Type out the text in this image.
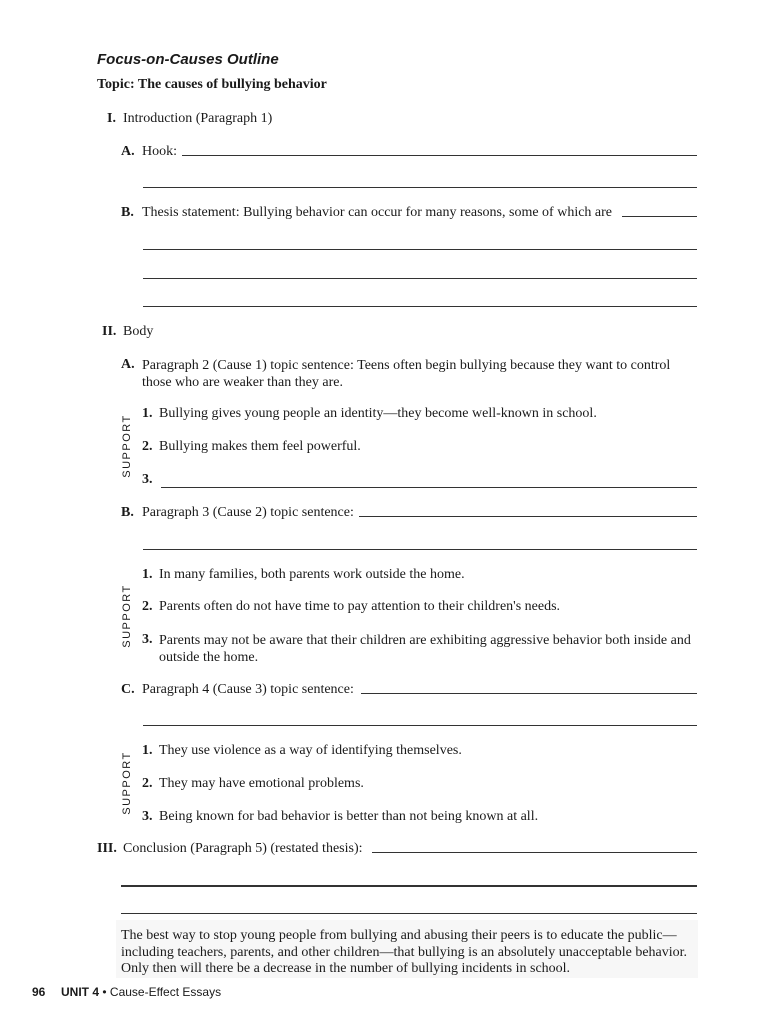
Focus-on-Causes Outline
Topic: The causes of bullying behavior
I. Introduction (Paragraph 1)
A. Hook:
B. Thesis statement: Bullying behavior can occur for many reasons, some of which are
II. Body
A. Paragraph 2 (Cause 1) topic sentence: Teens often begin bullying because they want to control those who are weaker than they are.
SUPPORT
1. Bullying gives young people an identity—they become well-known in school.
2. Bullying makes them feel powerful.
3.
B. Paragraph 3 (Cause 2) topic sentence:
SUPPORT
1. In many families, both parents work outside the home.
2. Parents often do not have time to pay attention to their children's needs.
3. Parents may not be aware that their children are exhibiting aggressive behavior both inside and outside the home.
C. Paragraph 4 (Cause 3) topic sentence:
SUPPORT
1. They use violence as a way of identifying themselves.
2. They may have emotional problems.
3. Being known for bad behavior is better than not being known at all.
III. Conclusion (Paragraph 5) (restated thesis):
The best way to stop young people from bullying and abusing their peers is to educate the public—including teachers, parents, and other children—that bullying is an absolutely unacceptable behavior. Only then will there be a decrease in the number of bullying incidents in school.
96 UNIT 4 • Cause-Effect Essays
